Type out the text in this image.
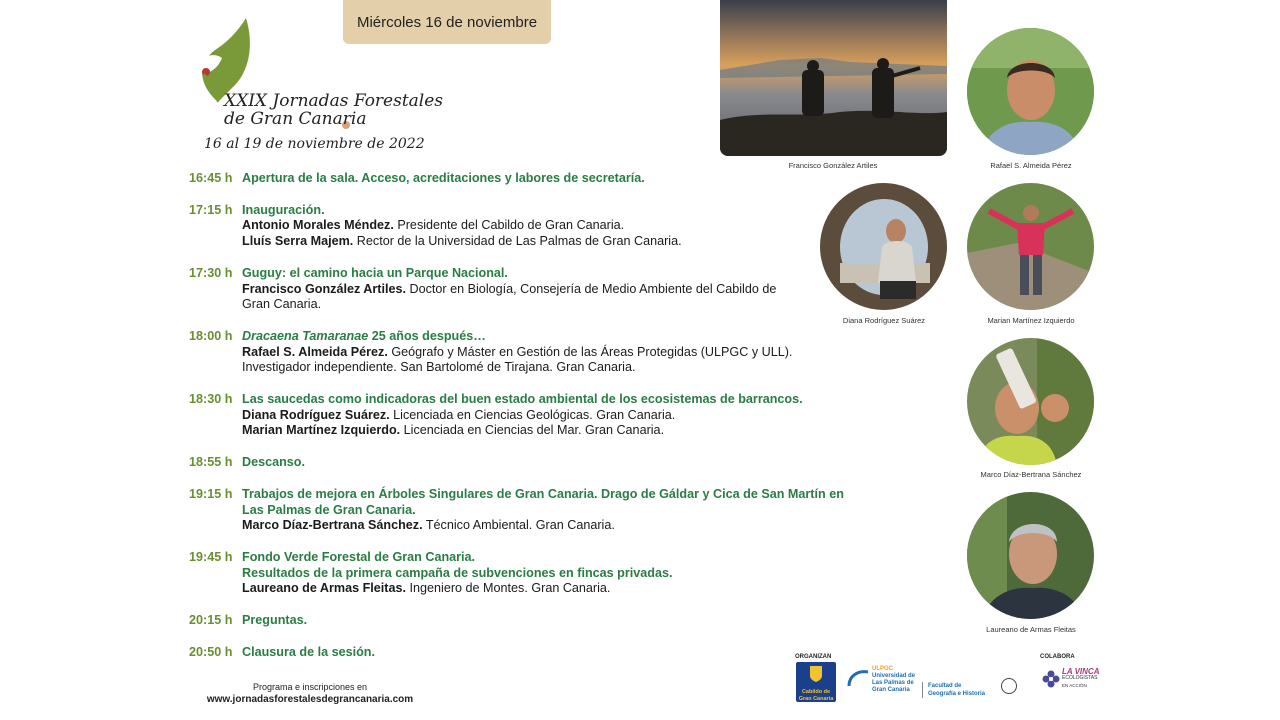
Miércoles 16 de noviembre
XXIX Jornadas Forestales
de Gran Canaria
16 al 19 de noviembre de 2022
16:45 h Apertura de la sala. Acceso, acreditaciones y labores de secretaría.
17:15 h Inauguración.
Antonio Morales Méndez. Presidente del Cabildo de Gran Canaria.
Lluís Serra Majem. Rector de la Universidad de Las Palmas de Gran Canaria.
17:30 h Guguy: el camino hacia un Parque Nacional.
Francisco González Artiles. Doctor en Biología, Consejería de Medio Ambiente del Cabildo de Gran Canaria.
18:00 h Dracaena Tamaranae 25 años después…
Rafael S. Almeida Pérez. Geógrafo y Máster en Gestión de las Áreas Protegidas (ULPGC y ULL). Investigador independiente. San Bartolomé de Tirajana. Gran Canaria.
18:30 h Las saucedas como indicadoras del buen estado ambiental de los ecosistemas de barrancos.
Diana Rodríguez Suárez. Licenciada en Ciencias Geológicas. Gran Canaria.
Marian Martínez Izquierdo. Licenciada en Ciencias del Mar. Gran Canaria.
18:55 h Descanso.
19:15 h Trabajos de mejora en Árboles Singulares de Gran Canaria. Drago de Gáldar y Cica de San Martín en Las Palmas de Gran Canaria.
Marco Díaz-Bertrana Sánchez. Técnico Ambiental. Gran Canaria.
19:45 h Fondo Verde Forestal de Gran Canaria.
Resultados de la primera campaña de subvenciones en fincas privadas.
Laureano de Armas Fleitas. Ingeniero de Montes. Gran Canaria.
20:15 h Preguntas.
20:50 h Clausura de la sesión.
Francisco González Artiles	Rafael S. Almeida Pérez
Diana Rodríguez Suárez	Marian Martínez Izquierdo
Marco Díaz-Bertrana Sánchez
Laureano de Armas Fleitas
Programa e inscripciones en
www.jornadasforestalesdegrancanaria.com
ORGANIZAN
Cabildo de
Gran Canaria
ULPGC
Universidad de
Las Palmas de
Gran Canaria
Facultad de
Geografía e Historia
COLABORA
LA VINCA
ECOLOGISTAS
EN ACCIÓN
